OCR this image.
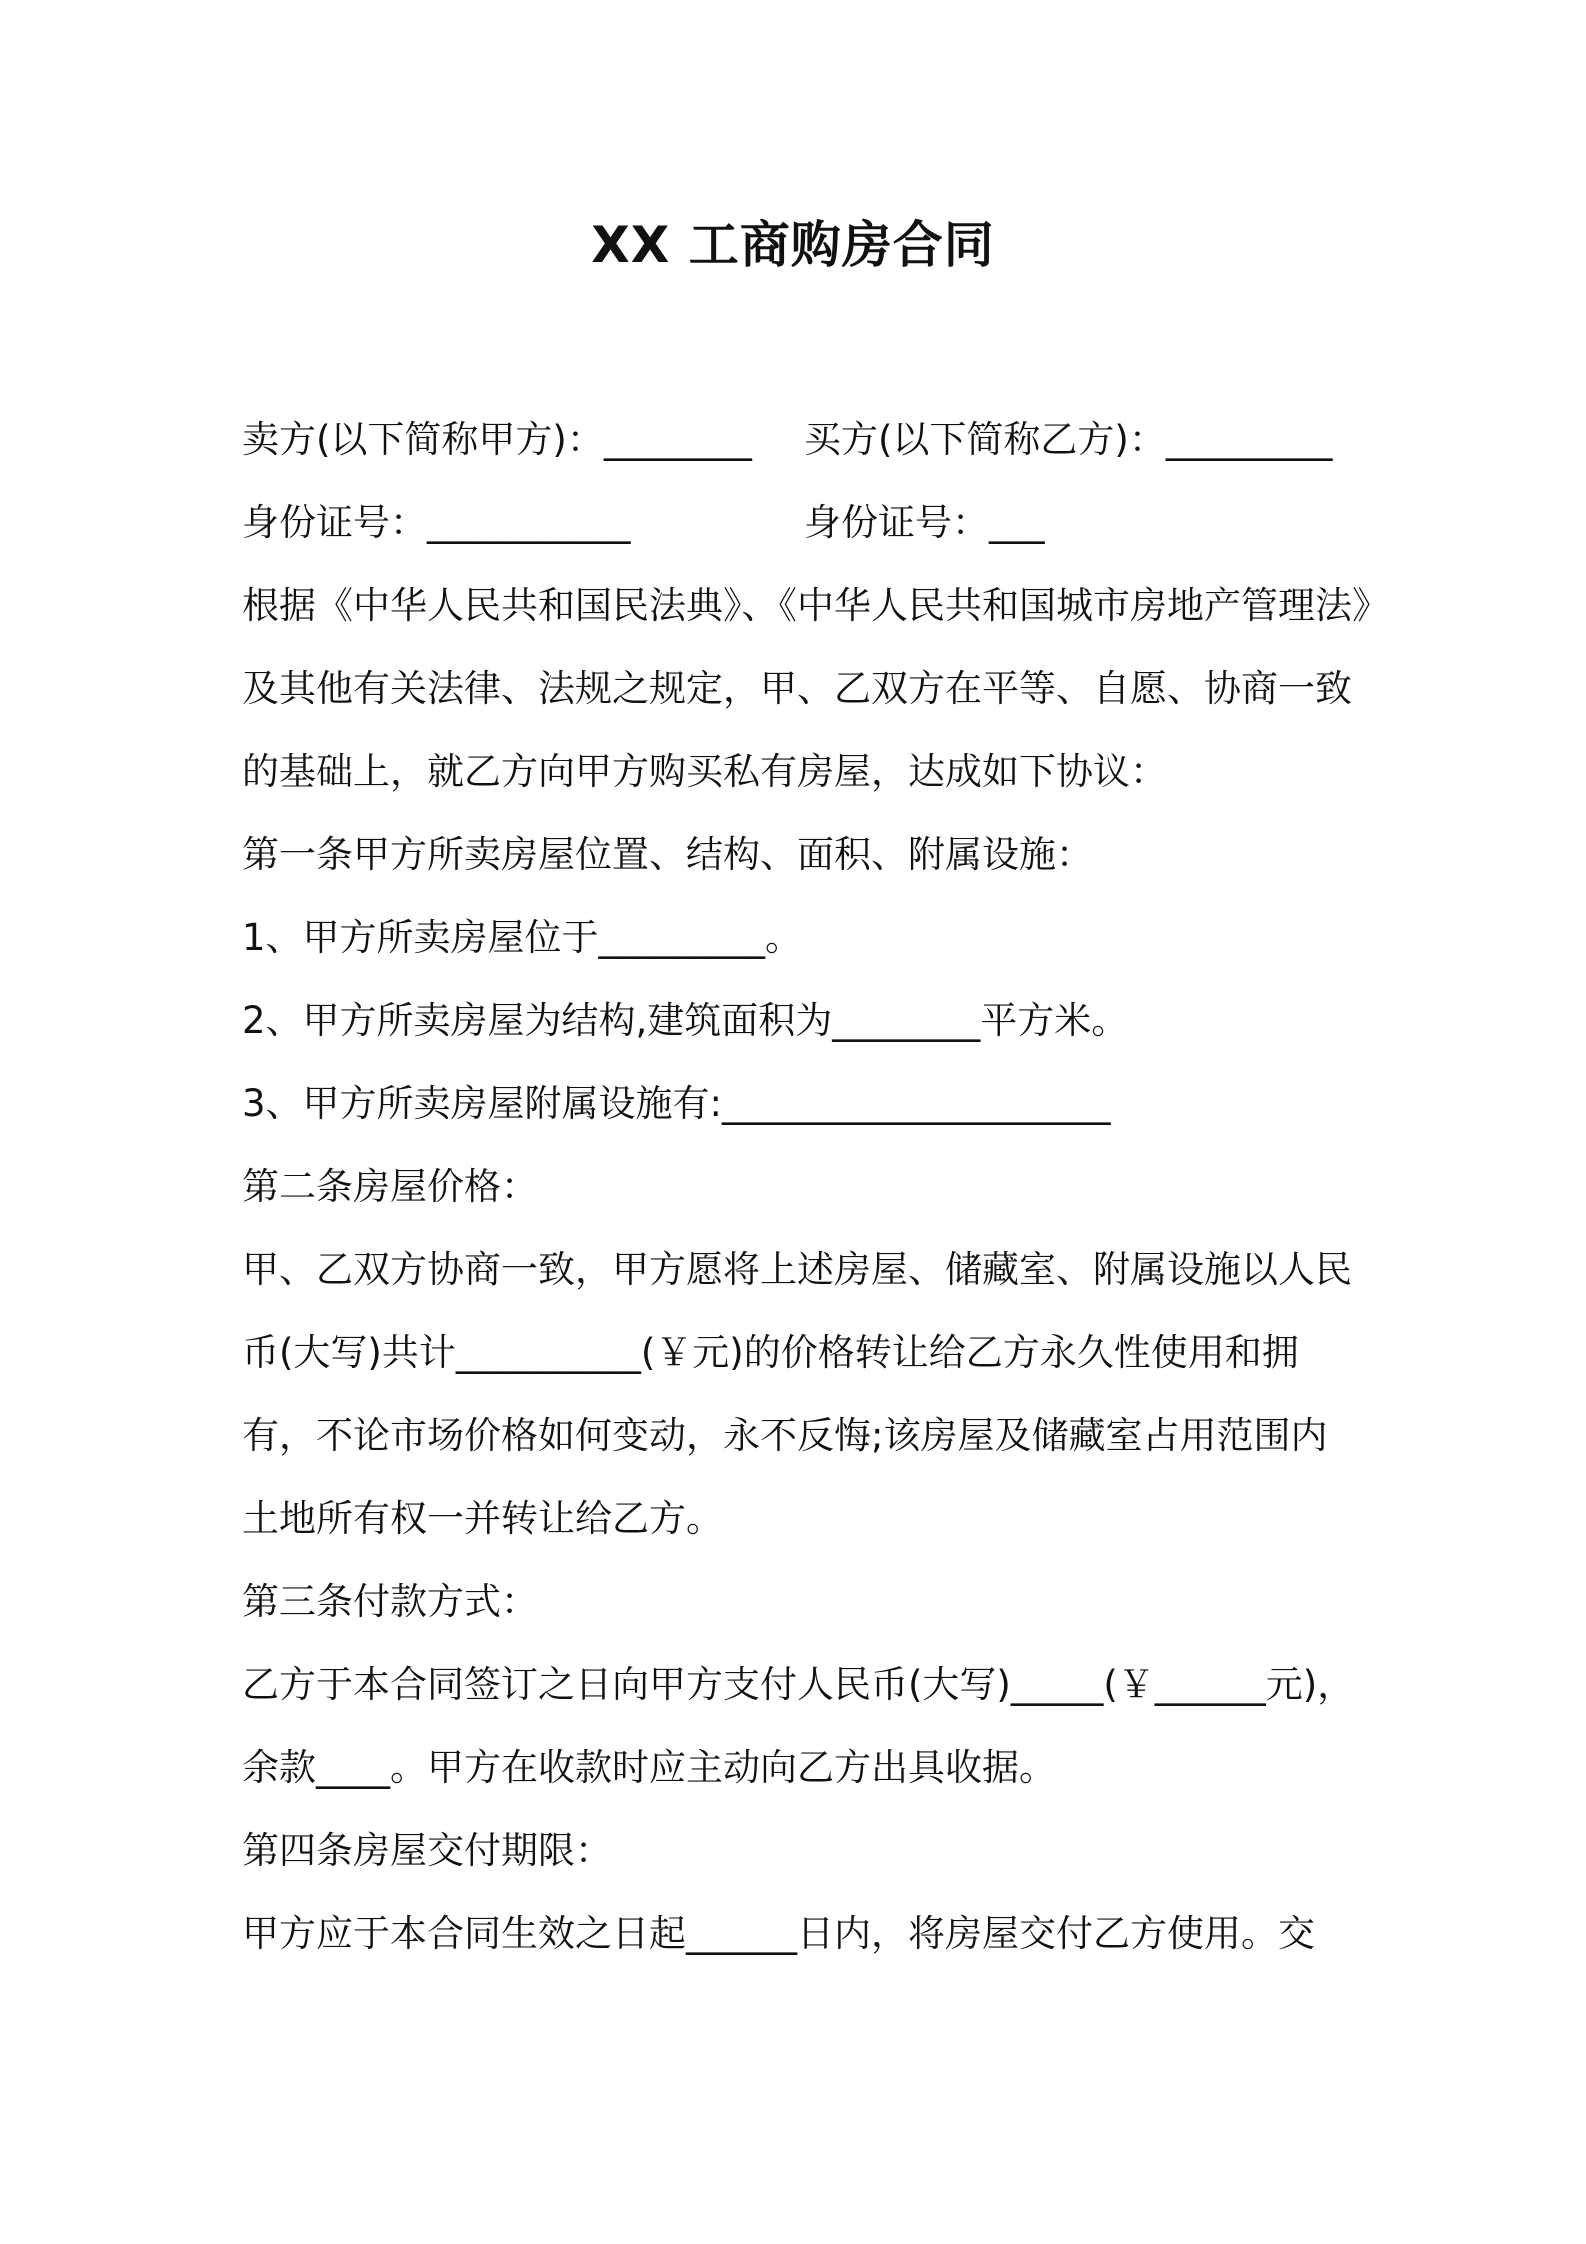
XX 工商购房合同
卖方(以下简称甲方)：________ 买方(以下简称乙方)：_________
身份证号：___________	身份证号：___
根据《中华人民共和国民法典》、《中华人民共和国城市房地产管理法》
及其他有关法律、法规之规定，甲、乙双方在平等、自愿、协商一致
的基础上，就乙方向甲方购买私有房屋，达成如下协议：
第一条甲方所卖房屋位置、结构、面积、附属设施：
1、甲方所卖房屋位于_________。
2、甲方所卖房屋为结构,建筑面积为________平方米。
3、甲方所卖房屋附属设施有:_____________________
第二条房屋价格：
甲、乙双方协商一致，甲方愿将上述房屋、储藏室、附属设施以人民
币(大写)共计__________(￥元)的价格转让给乙方永久性使用和拥
有，不论市场价格如何变动，永不反悔;该房屋及储藏室占用范围内
土地所有权一并转让给乙方。
第三条付款方式：
乙方于本合同签订之日向甲方支付人民币(大写)_____(￥______元)，
余款____。甲方在收款时应主动向乙方出具收据。
第四条房屋交付期限：
甲方应于本合同生效之日起______日内，将房屋交付乙方使用。交
